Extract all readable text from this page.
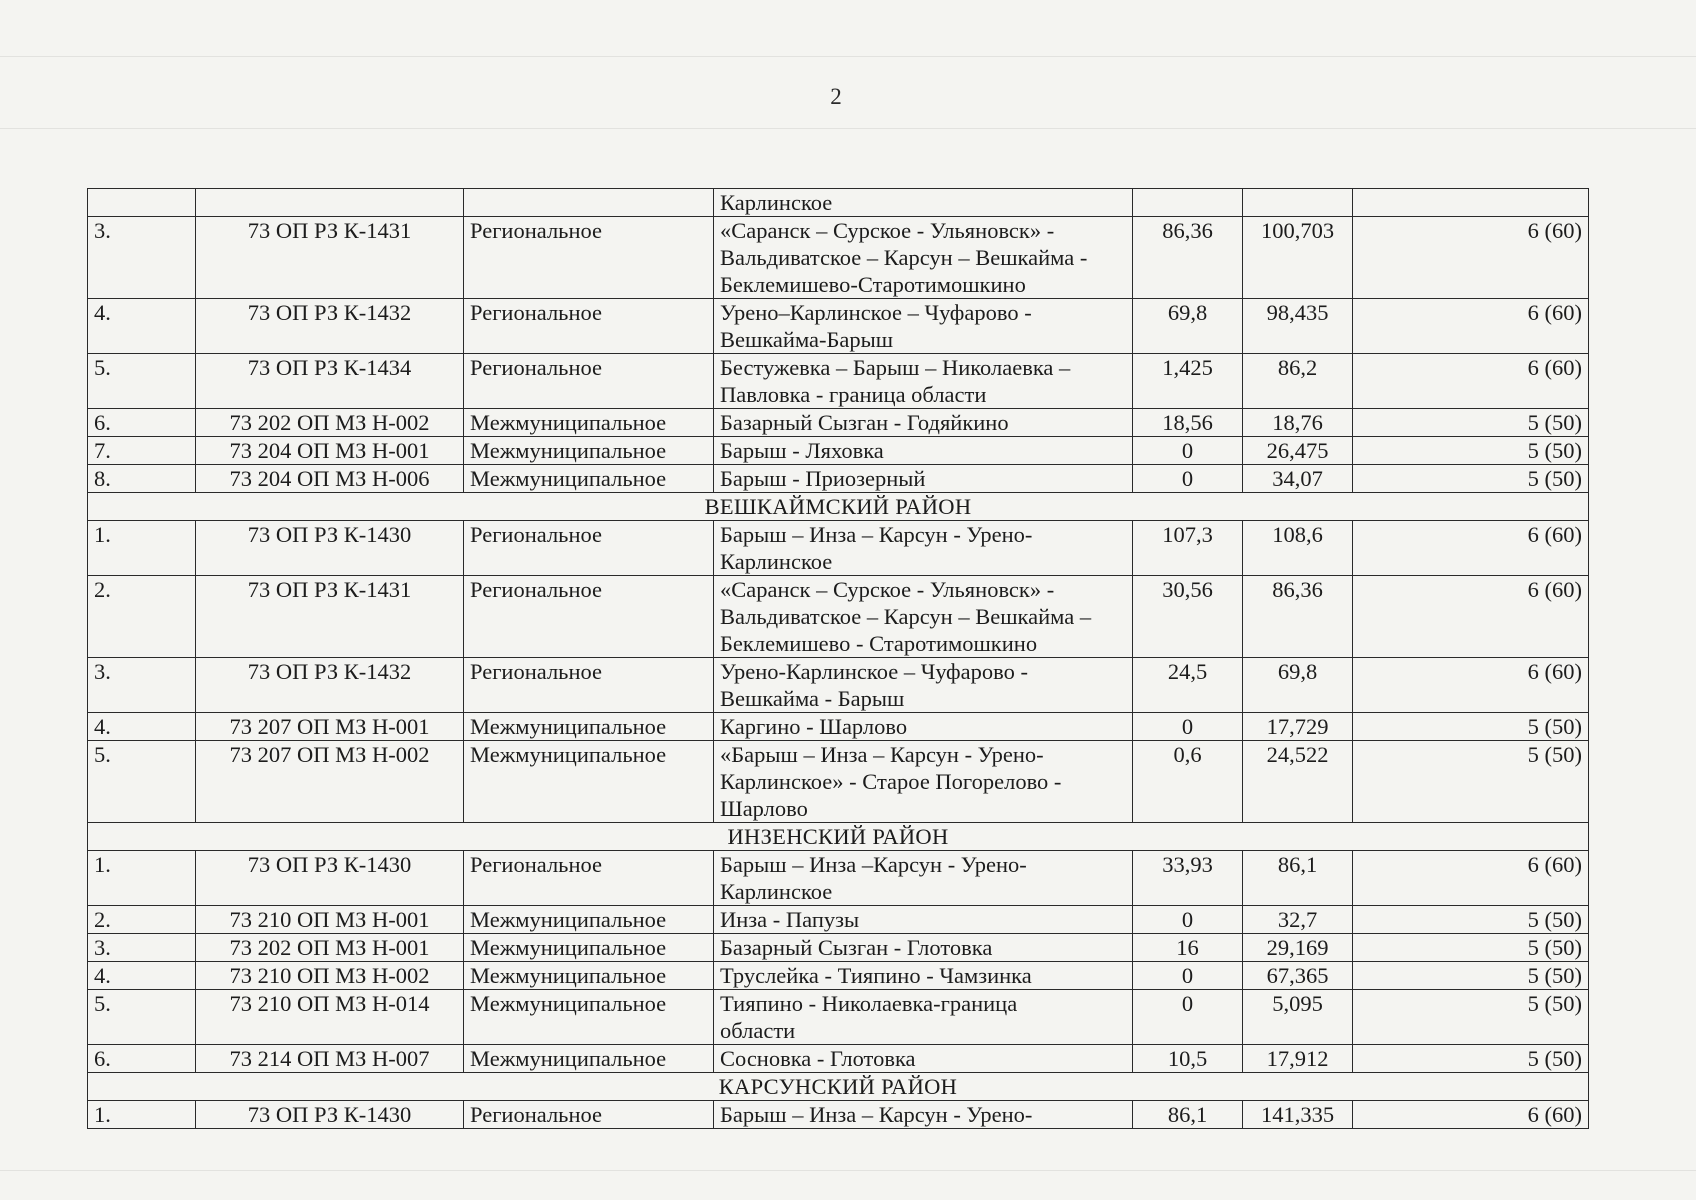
2

			Карлинское			

3.	73 ОП РЗ К-1431	Региональное	«Саранск – Сурское - Ульяновск» -
Вальдиватское – Карсун – Вешкайма -
Беклемишево-Старотимошкино	86,36	100,703	6 (60)
4.	73 ОП РЗ К-1432	Региональное	Урено–Карлинское – Чуфарово -
Вешкайма-Барыш	69,8	98,435	6 (60)
5.	73 ОП РЗ К-1434	Региональное	Бестужевка – Барыш – Николаевка –
Павловка - граница области	1,425	86,2	6 (60)
6.	73 202 ОП МЗ Н-002	Межмуниципальное	Базарный Сызган - Годяйкино	18,56	18,76	5 (50)
7.	73 204 ОП МЗ Н-001	Межмуниципальное	Барыш - Ляховка	0	26,475	5 (50)
8.	73 204 ОП МЗ Н-006	Межмуниципальное	Барыш - Приозерный	0	34,07	5 (50)
ВЕШКАЙМСКИЙ РАЙОН						
1.	73 ОП РЗ К-1430	Региональное	Барыш – Инза – Карсун - Урено-
Карлинское	107,3	108,6	6 (60)
2.	73 ОП РЗ К-1431	Региональное	«Саранск – Сурское - Ульяновск» -
Вальдиватское – Карсун – Вешкайма –
Беклемишево - Старотимошкино	30,56	86,36	6 (60)
3.	73 ОП РЗ К-1432	Региональное	Урено-Карлинское – Чуфарово -
Вешкайма - Барыш	24,5	69,8	6 (60)
4.	73 207 ОП МЗ Н-001	Межмуниципальное	Каргино - Шарлово	0	17,729	5 (50)
5.	73 207 ОП МЗ Н-002	Межмуниципальное	«Барыш – Инза – Карсун - Урено-
Карлинское» - Старое Погорелово -
Шарлово	0,6	24,522	5 (50)
ИНЗЕНСКИЙ РАЙОН						
1.	73 ОП РЗ К-1430	Региональное	Барыш – Инза –Карсун - Урено-
Карлинское	33,93	86,1	6 (60)
2.	73 210 ОП МЗ Н-001	Межмуниципальное	Инза - Папузы	0	32,7	5 (50)
3.	73 202 ОП МЗ Н-001	Межмуниципальное	Базарный Сызган - Глотовка	16	29,169	5 (50)
4.	73 210 ОП МЗ Н-002	Межмуниципальное	Труслейка - Тияпино - Чамзинка	0	67,365	5 (50)
5.	73 210 ОП МЗ Н-014	Межмуниципальное	Тияпино - Николаевка-граница
области	0	5,095	5 (50)
6.	73 214 ОП МЗ Н-007	Межмуниципальное	Сосновка - Глотовка	10,5	17,912	5 (50)
КАРСУНСКИЙ РАЙОН						
1.	73 ОП РЗ К-1430	Региональное	Барыш – Инза – Карсун - Урено-	86,1	141,335	6 (60)
